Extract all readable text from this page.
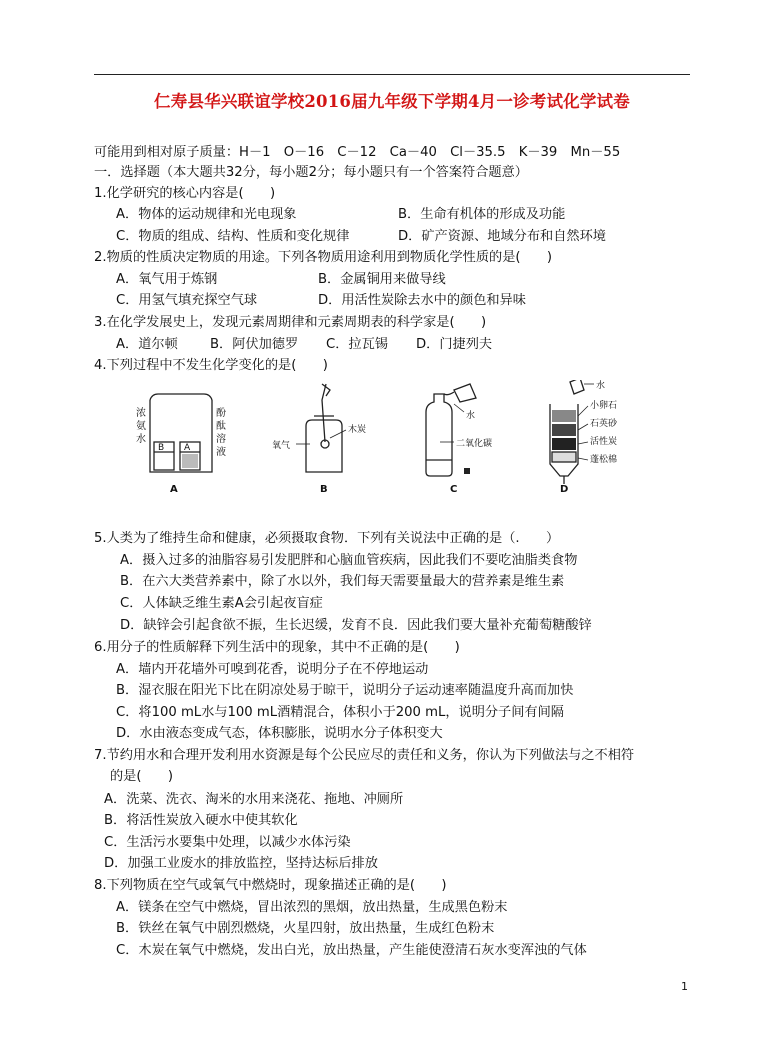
仁寿县华兴联谊学校2016届九年级下学期4月一诊考试化学试卷
可能用到相对原子质量：H－1　O－16　C－12　Ca－40　Cl－35.5　K－39　Mn－55
一．选择题（本大题共32分，每小题2分；每小题只有一个答案符合题意）
1.化学研究的核心内容是(　　)
A．物体的运动规律和光电现象	B．生命有机体的形成及功能
C．物质的组成、结构、性质和变化规律	D．矿产资源、地域分布和自然环境
2.物质的性质决定物质的用途。下列各物质用途利用到物质化学性质的是(　　)
A．氧气用于炼钢	B．金属铜用来做导线
C．用氢气填充探空气球	D．用活性炭除去水中的颜色和异味
3.在化学发展史上，发现元素周期律和元素周期表的科学家是(　　)
A．道尔顿 B．阿伏加德罗 C．拉瓦锡 D．门捷列夫
4.下列过程中不发生化学变化的是(　　)
浓
氨
水
酚
酞
溶
液
B A
A
氧气
木炭
B
水
二氧化碳
C
水
小卵石
石英砂
活性炭
蓬松棉
D
5.人类为了维持生命和健康，必须摄取食物．下列有关说法中正确的是（.　　）
A．摄入过多的油脂容易引发肥胖和心脑血管疾病，因此我们不要吃油脂类食物
B．在六大类营养素中，除了水以外，我们每天需要量最大的营养素是维生素
C．人体缺乏维生素A会引起夜盲症
D．缺锌会引起食欲不振，生长迟缓，发育不良．因此我们要大量补充葡萄糖酸锌
6.用分子的性质解释下列生活中的现象，其中不正确的是(　　)
A．墙内开花墙外可嗅到花香，说明分子在不停地运动
B．湿衣服在阳光下比在阴凉处易于晾干，说明分子运动速率随温度升高而加快
C．将100 mL水与100 mL酒精混合，体积小于200 mL，说明分子间有间隔
D．水由液态变成气态，体积膨胀，说明水分子体积变大
7.节约用水和合理开发利用水资源是每个公民应尽的责任和义务，你认为下列做法与之不相符
的是(　　)
A．洗菜、洗衣、淘米的水用来浇花、拖地、冲厕所
B．将活性炭放入硬水中使其软化
C．生活污水要集中处理，以减少水体污染
D．加强工业废水的排放监控，坚持达标后排放
8.下列物质在空气或氧气中燃烧时，现象描述正确的是(　　)
A．镁条在空气中燃烧，冒出浓烈的黑烟，放出热量，生成黑色粉末
B．铁丝在氧气中剧烈燃烧，火星四射，放出热量，生成红色粉末
C．木炭在氧气中燃烧，发出白光，放出热量，产生能使澄清石灰水变浑浊的气体
1
